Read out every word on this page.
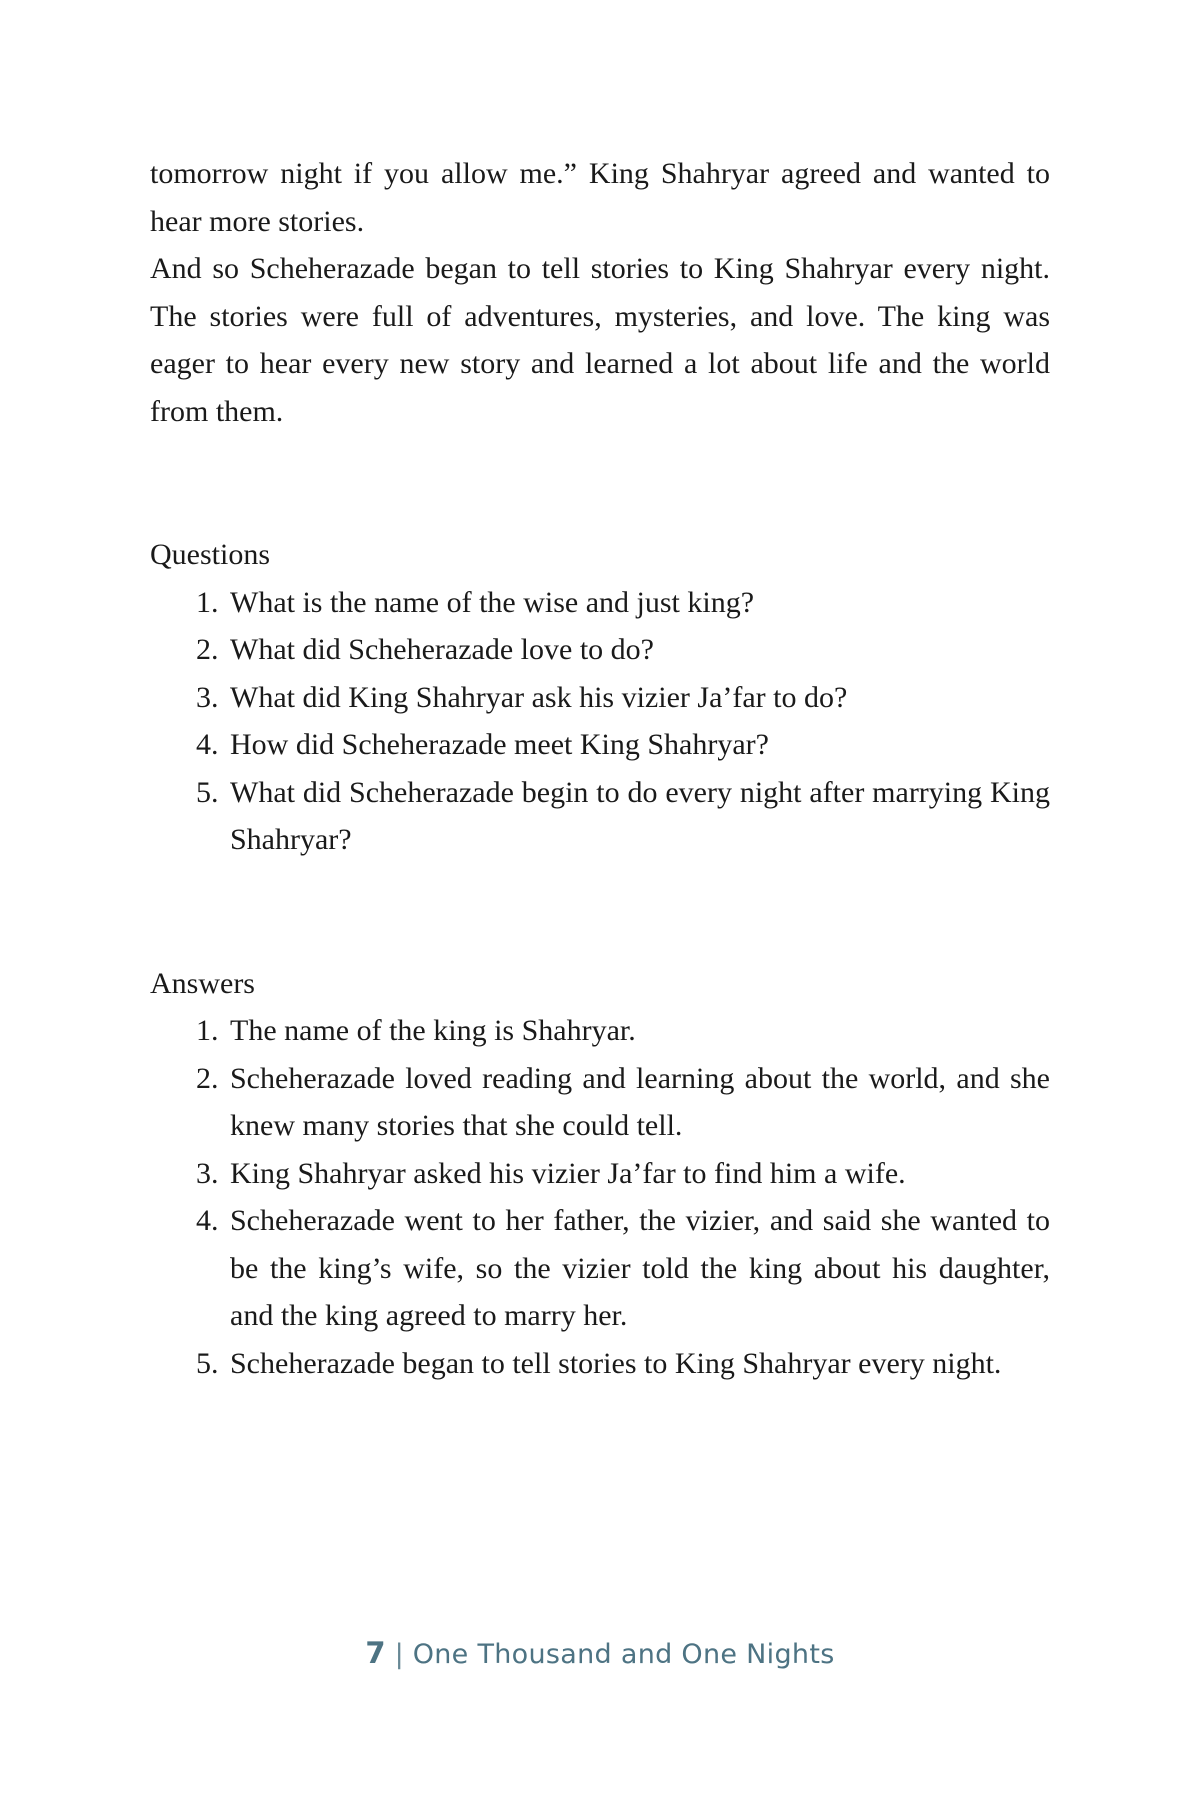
tomorrow night if you allow me.” King Shahryar agreed and wanted to hear more stories.

And so Scheherazade began to tell stories to King Shahryar every night. The stories were full of adventures, mysteries, and love. The king was eager to hear every new story and learned a lot about life and the world from them.

Questions
1. What is the name of the wise and just king?
2. What did Scheherazade love to do?
3. What did King Shahryar ask his vizier Ja’far to do?
4. How did Scheherazade meet King Shahryar?
5. What did Scheherazade begin to do every night after marrying King Shahryar?
Answers
1. The name of the king is Shahryar.
2. Scheherazade loved reading and learning about the world, and she knew many stories that she could tell.
3. King Shahryar asked his vizier Ja’far to find him a wife.
4. Scheherazade went to her father, the vizier, and said she wanted to be the king’s wife, so the vizier told the king about his daughter, and the king agreed to marry her.
5. Scheherazade began to tell stories to King Shahryar every night.
7 | One Thousand and One Nights
